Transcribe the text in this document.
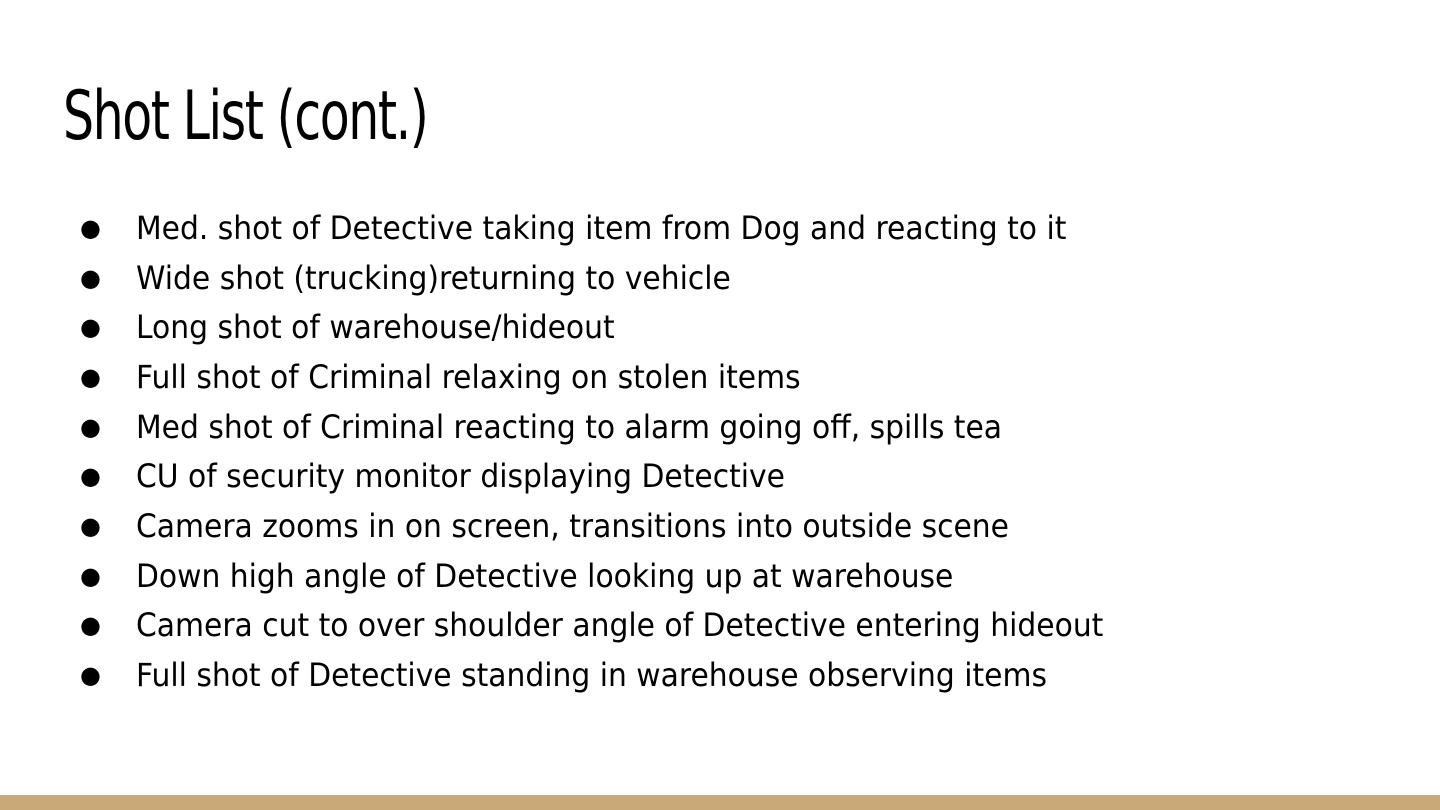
Shot List (cont.)
●	Med. shot of Detective taking item from Dog and reacting to it
●	Wide shot (trucking)returning to vehicle
●	Long shot of warehouse/hideout
●	Full shot of Criminal relaxing on stolen items
●	Med shot of Criminal reacting to alarm going off, spills tea
●	CU of security monitor displaying Detective
●	Camera zooms in on screen, transitions into outside scene
●	Down high angle of Detective looking up at warehouse
●	Camera cut to over shoulder angle of Detective entering hideout
●	Full shot of Detective standing in warehouse observing items
